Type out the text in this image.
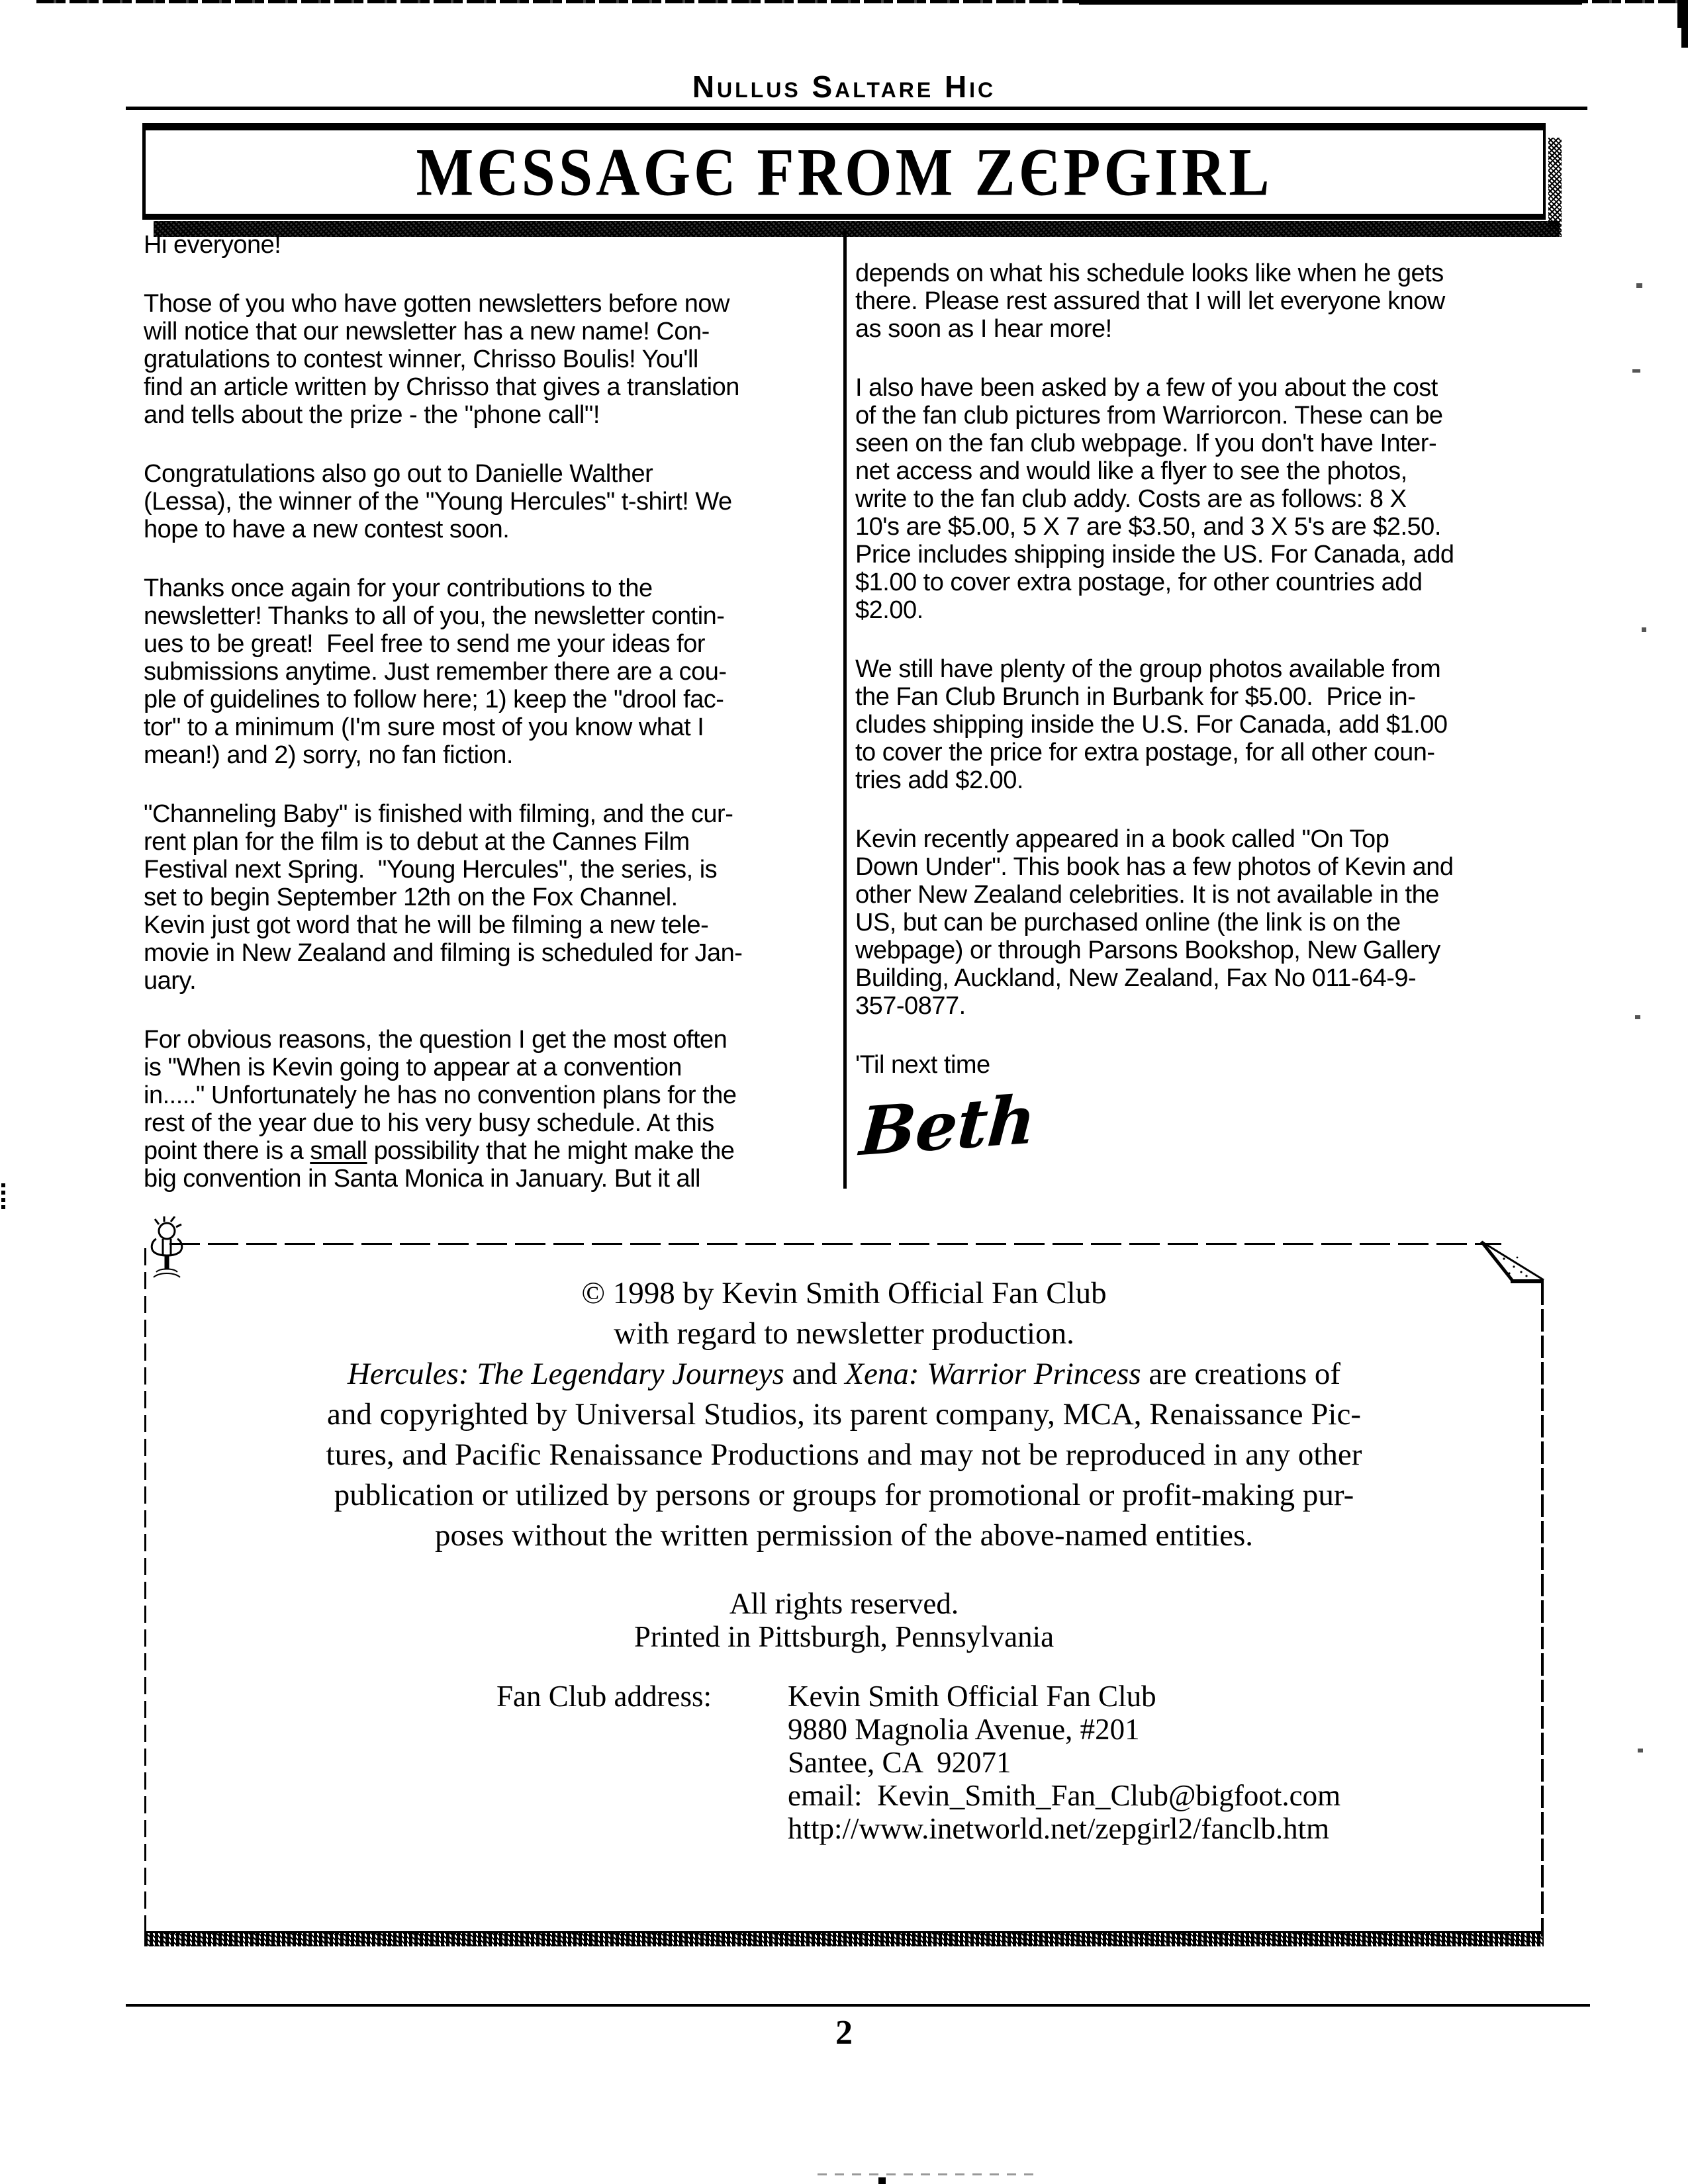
Nullus Saltare Hic
MЄSSAGЄ FROM ZЄPGIRL
Hi everyone!
Those of you who have gotten newsletters before now
will notice that our newsletter has a new name! Con-
gratulations to contest winner, Chrisso Boulis! You'll
find an article written by Chrisso that gives a translation
and tells about the prize - the "phone call"!
Congratulations also go out to Danielle Walther
(Lessa), the winner of the "Young Hercules" t-shirt! We
hope to have a new contest soon.
Thanks once again for your contributions to the
newsletter! Thanks to all of you, the newsletter contin-
ues to be great!  Feel free to send me your ideas for
submissions anytime. Just remember there are a cou-
ple of guidelines to follow here; 1) keep the "drool fac-
tor" to a minimum (I'm sure most of you know what I
mean!) and 2) sorry, no fan fiction.
"Channeling Baby" is finished with filming, and the cur-
rent plan for the film is to debut at the Cannes Film
Festival next Spring.  "Young Hercules", the series, is
set to begin September 12th on the Fox Channel.
Kevin just got word that he will be filming a new tele-
movie in New Zealand and filming is scheduled for Jan-
uary.
For obvious reasons, the question I get the most often
is "When is Kevin going to appear at a convention
in....." Unfortunately he has no convention plans for the
rest of the year due to his very busy schedule. At this
point there is a small possibility that he might make the
big convention in Santa Monica in January. But it all
depends on what his schedule looks like when he gets
there. Please rest assured that I will let everyone know
as soon as I hear more!
I also have been asked by a few of you about the cost
of the fan club pictures from Warriorcon. These can be
seen on the fan club webpage. If you don't have Inter-
net access and would like a flyer to see the photos,
write to the fan club addy. Costs are as follows: 8 X
10's are $5.00, 5 X 7 are $3.50, and 3 X 5's are $2.50.
Price includes shipping inside the US. For Canada, add
$1.00 to cover extra postage, for other countries add
$2.00.
We still have plenty of the group photos available from
the Fan Club Brunch in Burbank for $5.00.  Price in-
cludes shipping inside the U.S. For Canada, add $1.00
to cover the price for extra postage, for all other coun-
tries add $2.00.
Kevin recently appeared in a book called "On Top
Down Under". This book has a few photos of Kevin and
other New Zealand celebrities. It is not available in the
US, but can be purchased online (the link is on the
webpage) or through Parsons Bookshop, New Gallery
Building, Auckland, New Zealand, Fax No 011-64-9-
357-0877.
'Til next time
Beth
© 1998 by Kevin Smith Official Fan Club
with regard to newsletter production.
Hercules: The Legendary Journeys and Xena: Warrior Princess are creations of
and copyrighted by Universal Studios, its parent company, MCA, Renaissance Pic-
tures, and Pacific Renaissance Productions and may not be reproduced in any other
publication or utilized by persons or groups for promotional or profit-making pur-
poses without the written permission of the above-named entities.
All rights reserved.
Printed in Pittsburgh, Pennsylvania
Fan Club address:	Kevin Smith Official Fan Club
9880 Magnolia Avenue, #201
Santee, CA  92071
email:  Kevin_Smith_Fan_Club@bigfoot.com
http://www.inetworld.net/zepgirl2/fanclb.htm
2
